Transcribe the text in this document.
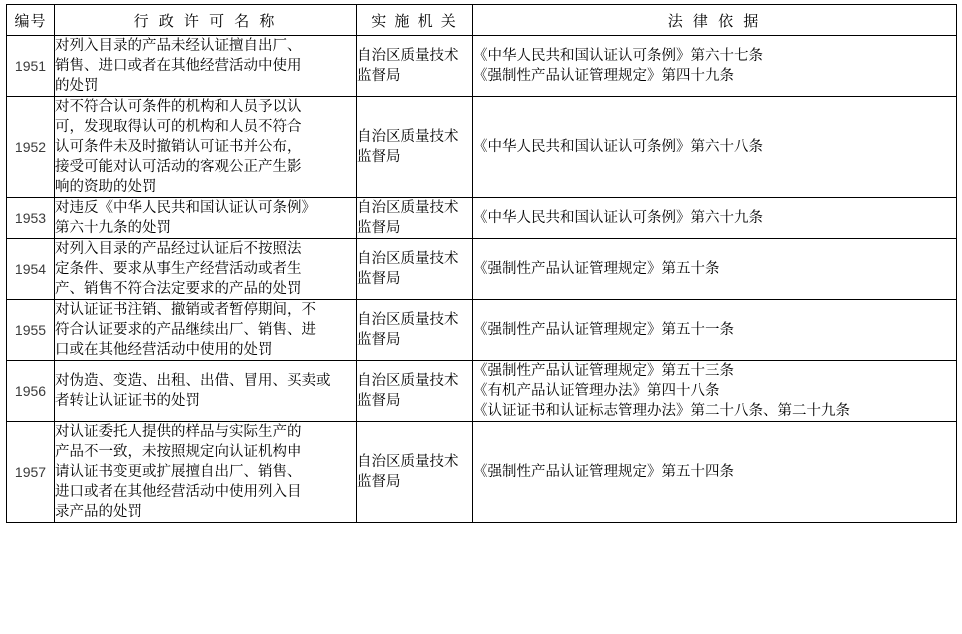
编号	行 政 许 可 名 称	实 施 机 关	法 律 依 据
1951	对列入目录的产品未经认证擅自出厂、
销售、进口或者在其他经营活动中使用
的处罚	自治区质量技术
监督局	《中华人民共和国认证认可条例》第六十七条
《强制性产品认证管理规定》第四十九条

1952	对不符合认可条件的机构和人员予以认
可，发现取得认可的机构和人员不符合
认可条件未及时撤销认可证书并公布，
接受可能对认可活动的客观公正产生影
响的资助的处罚	自治区质量技术
监督局	《中华人民共和国认证认可条例》第六十八条

1953	对违反《中华人民共和国认证认可条例》
第六十九条的处罚	自治区质量技术
监督局	《中华人民共和国认证认可条例》第六十九条

1954	对列入目录的产品经过认证后不按照法
定条件、要求从事生产经营活动或者生
产、销售不符合法定要求的产品的处罚	自治区质量技术
监督局	《强制性产品认证管理规定》第五十条

1955	对认证证书注销、撤销或者暂停期间，不
符合认证要求的产品继续出厂、销售、进
口或在其他经营活动中使用的处罚	自治区质量技术
监督局	《强制性产品认证管理规定》第五十一条

1956	对伪造、变造、出租、出借、冒用、买卖或
者转让认证证书的处罚	自治区质量技术
监督局	《强制性产品认证管理规定》第五十三条
《有机产品认证管理办法》第四十八条
《认证证书和认证标志管理办法》第二十八条、第二十九条

1957	对认证委托人提供的样品与实际生产的
产品不一致，未按照规定向认证机构申
请认证书变更或扩展擅自出厂、销售、
进口或者在其他经营活动中使用列入目
录产品的处罚	自治区质量技术
监督局	《强制性产品认证管理规定》第五十四条
